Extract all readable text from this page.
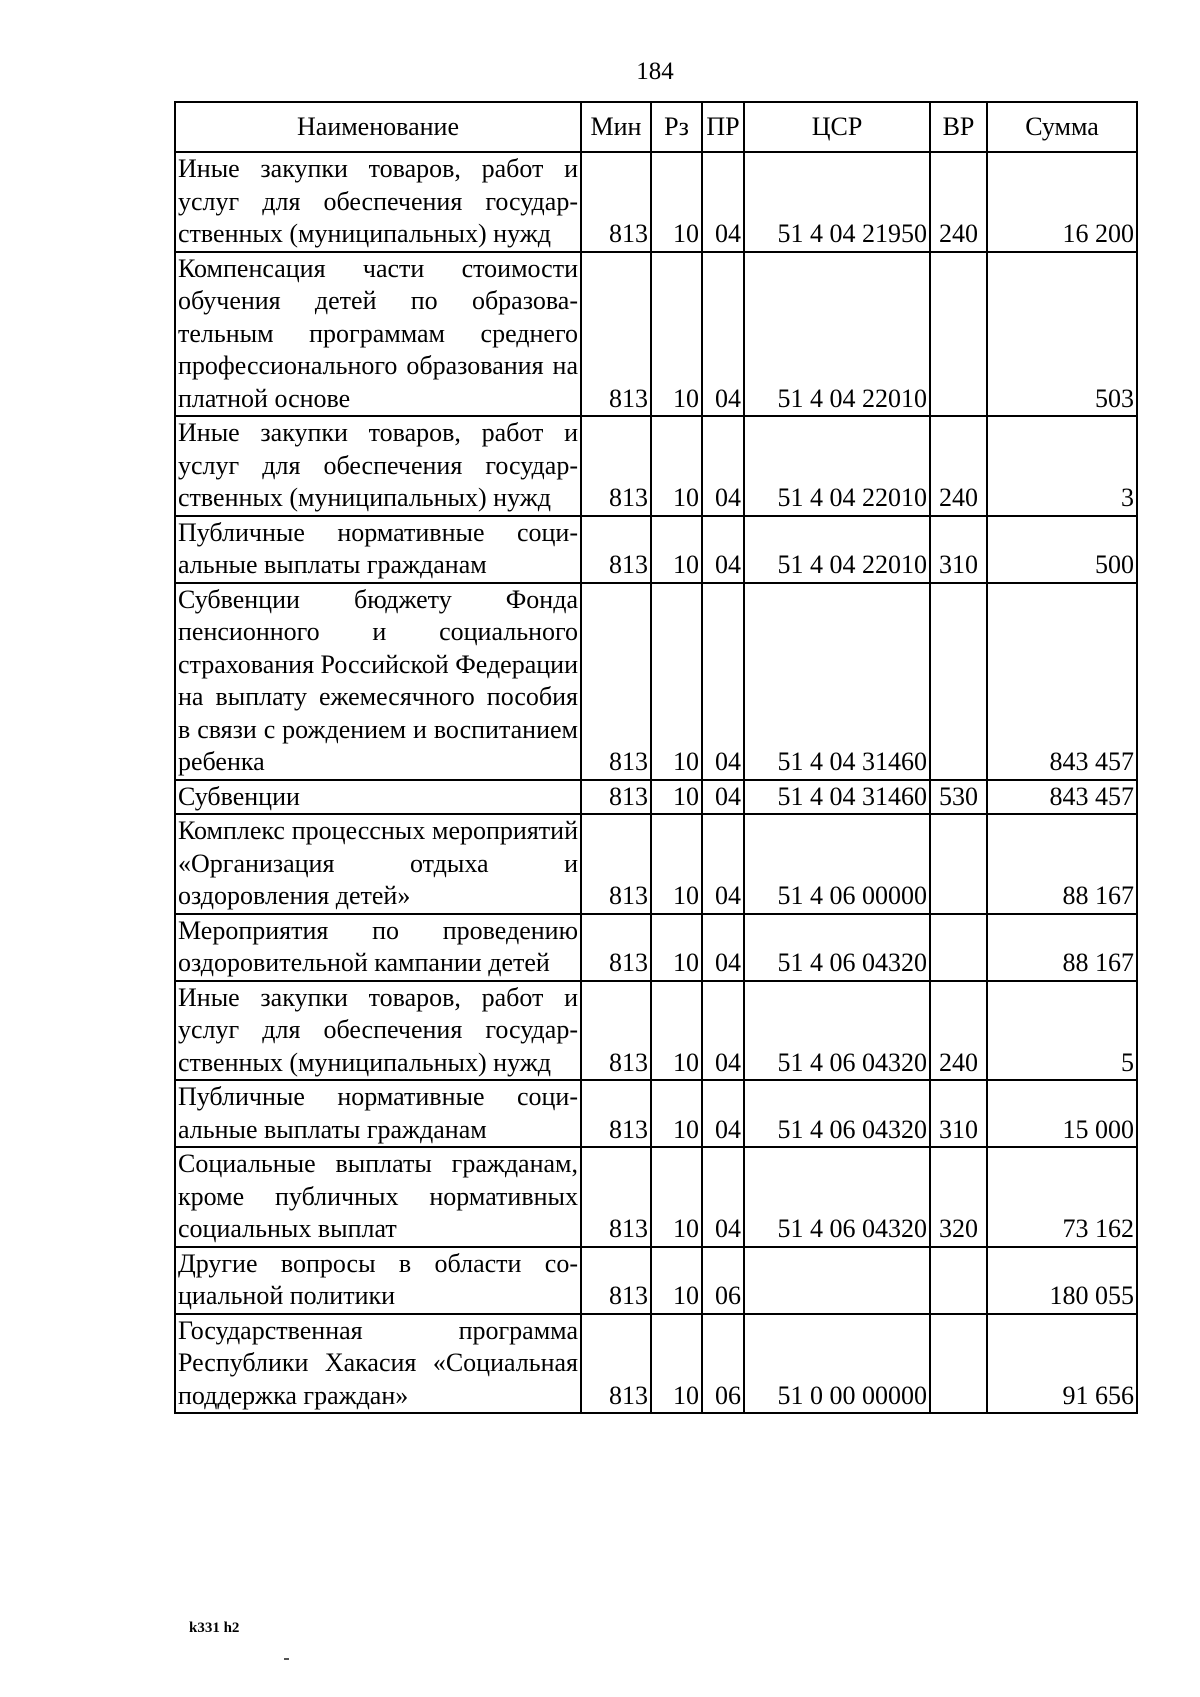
184
Наименование	Мин	Рз	ПР	ЦСР	ВР	Сумма
Иные закупки товаров, работ и услуг для обеспечения государственных (муниципальных) нужд	813	10	04	51 4 04 21950	240	16 200
Компенсация части стоимости обучения детей по образовательным программам среднего профессионального образования на платной основе	813	10	04	51 4 04 22010		503
Иные закупки товаров, работ и услуг для обеспечения государственных (муниципальных) нужд	813	10	04	51 4 04 22010	240	3
Публичные нормативные социальные выплаты гражданам	813	10	04	51 4 04 22010	310	500
Субвенции бюджету Фонда пенсионного и социального страхования Российской Федерации на выплату ежемесячного пособия в связи с рождением и воспитанием ребенка	813	10	04	51 4 04 31460		843 457
Субвенции	813	10	04	51 4 04 31460	530	843 457
Комплекс процессных мероприятий «Организация отдыха и оздоровления детей»	813	10	04	51 4 06 00000		88 167
Мероприятия по проведению оздоровительной кампании детей	813	10	04	51 4 06 04320		88 167
Иные закупки товаров, работ и услуг для обеспечения государственных (муниципальных) нужд	813	10	04	51 4 06 04320	240	5
Публичные нормативные социальные выплаты гражданам	813	10	04	51 4 06 04320	310	15 000
Социальные выплаты гражданам, кроме публичных нормативных социальных выплат	813	10	04	51 4 06 04320	320	73 162
Другие вопросы в области социальной политики	813	10	06			180 055
Государственная программа Республики Хакасия «Социальная поддержка граждан»	813	10	06	51 0 00 00000		91 656
k331 h2
